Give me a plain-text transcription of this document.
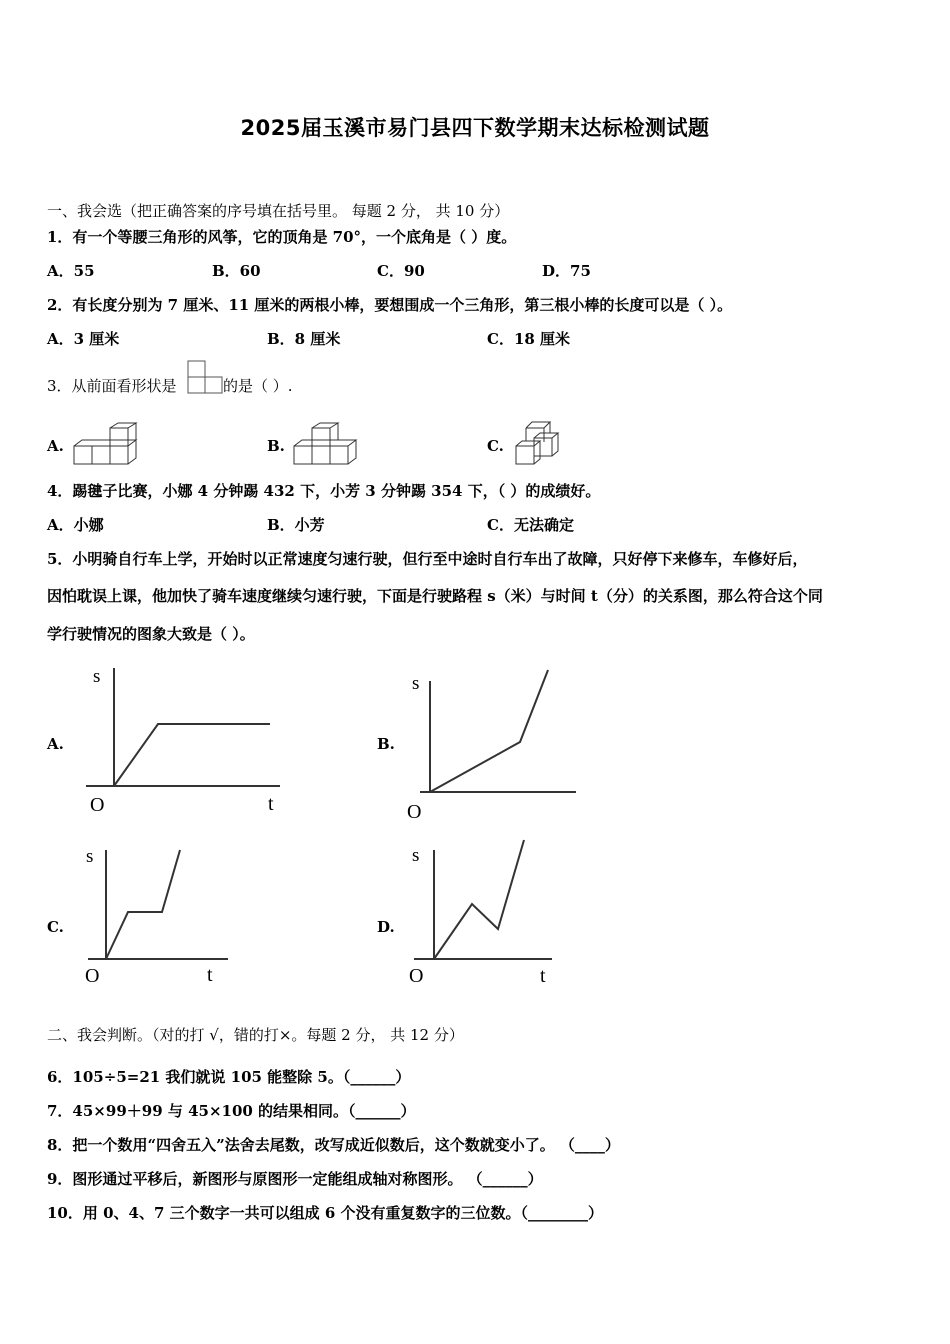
2025届玉溪市易门县四下数学期末达标检测试题
一、我会选（把正确答案的序号填在括号里。 每题 2 分， 共 10 分）
1．有一个等腰三角形的风筝，它的顶角是 70°，一个底角是（ ）度。
A．55	B．60	C．90	D．75
2．有长度分别为 7 厘米、11 厘米的两根小棒，要想围成一个三角形，第三根小棒的长度可以是（ ）。
A．3 厘米	B．8 厘米	C．18 厘米
3．从前面看形状是	的是（ ）.
A.	B.	C.
4．踢毽子比赛，小娜 4 分钟踢 432 下，小芳 3 分钟踢 354 下，（ ）的成绩好。
A．小娜	B．小芳	C．无法确定
5．小明骑自行车上学，开始时以正常速度匀速行驶，但行至中途时自行车出了故障，只好停下来修车，车修好后，
因怕耽误上课，他加快了骑车速度继续匀速行驶，下面是行驶路程 s（米）与时间 t（分）的关系图，那么符合这个同
学行驶情况的图象大致是（ ）。
A.
s
t
O
B.
s
O
C.
s
t
O
D.
s
t
O
二、我会判断。（对的打 √，错的打×。每题 2 分， 共 12 分）
6．105÷5=21 我们就说 105 能整除 5。（______）
7．45×99＋99 与 45×100 的结果相同。（______）
8．把一个数用“四舍五入”法舍去尾数，改写成近似数后，这个数就变小了。 （____）
9．图形通过平移后，新图形与原图形一定能组成轴对称图形。 （______）
10．用 0、4、7 三个数字一共可以组成 6 个没有重复数字的三位数。（________）
